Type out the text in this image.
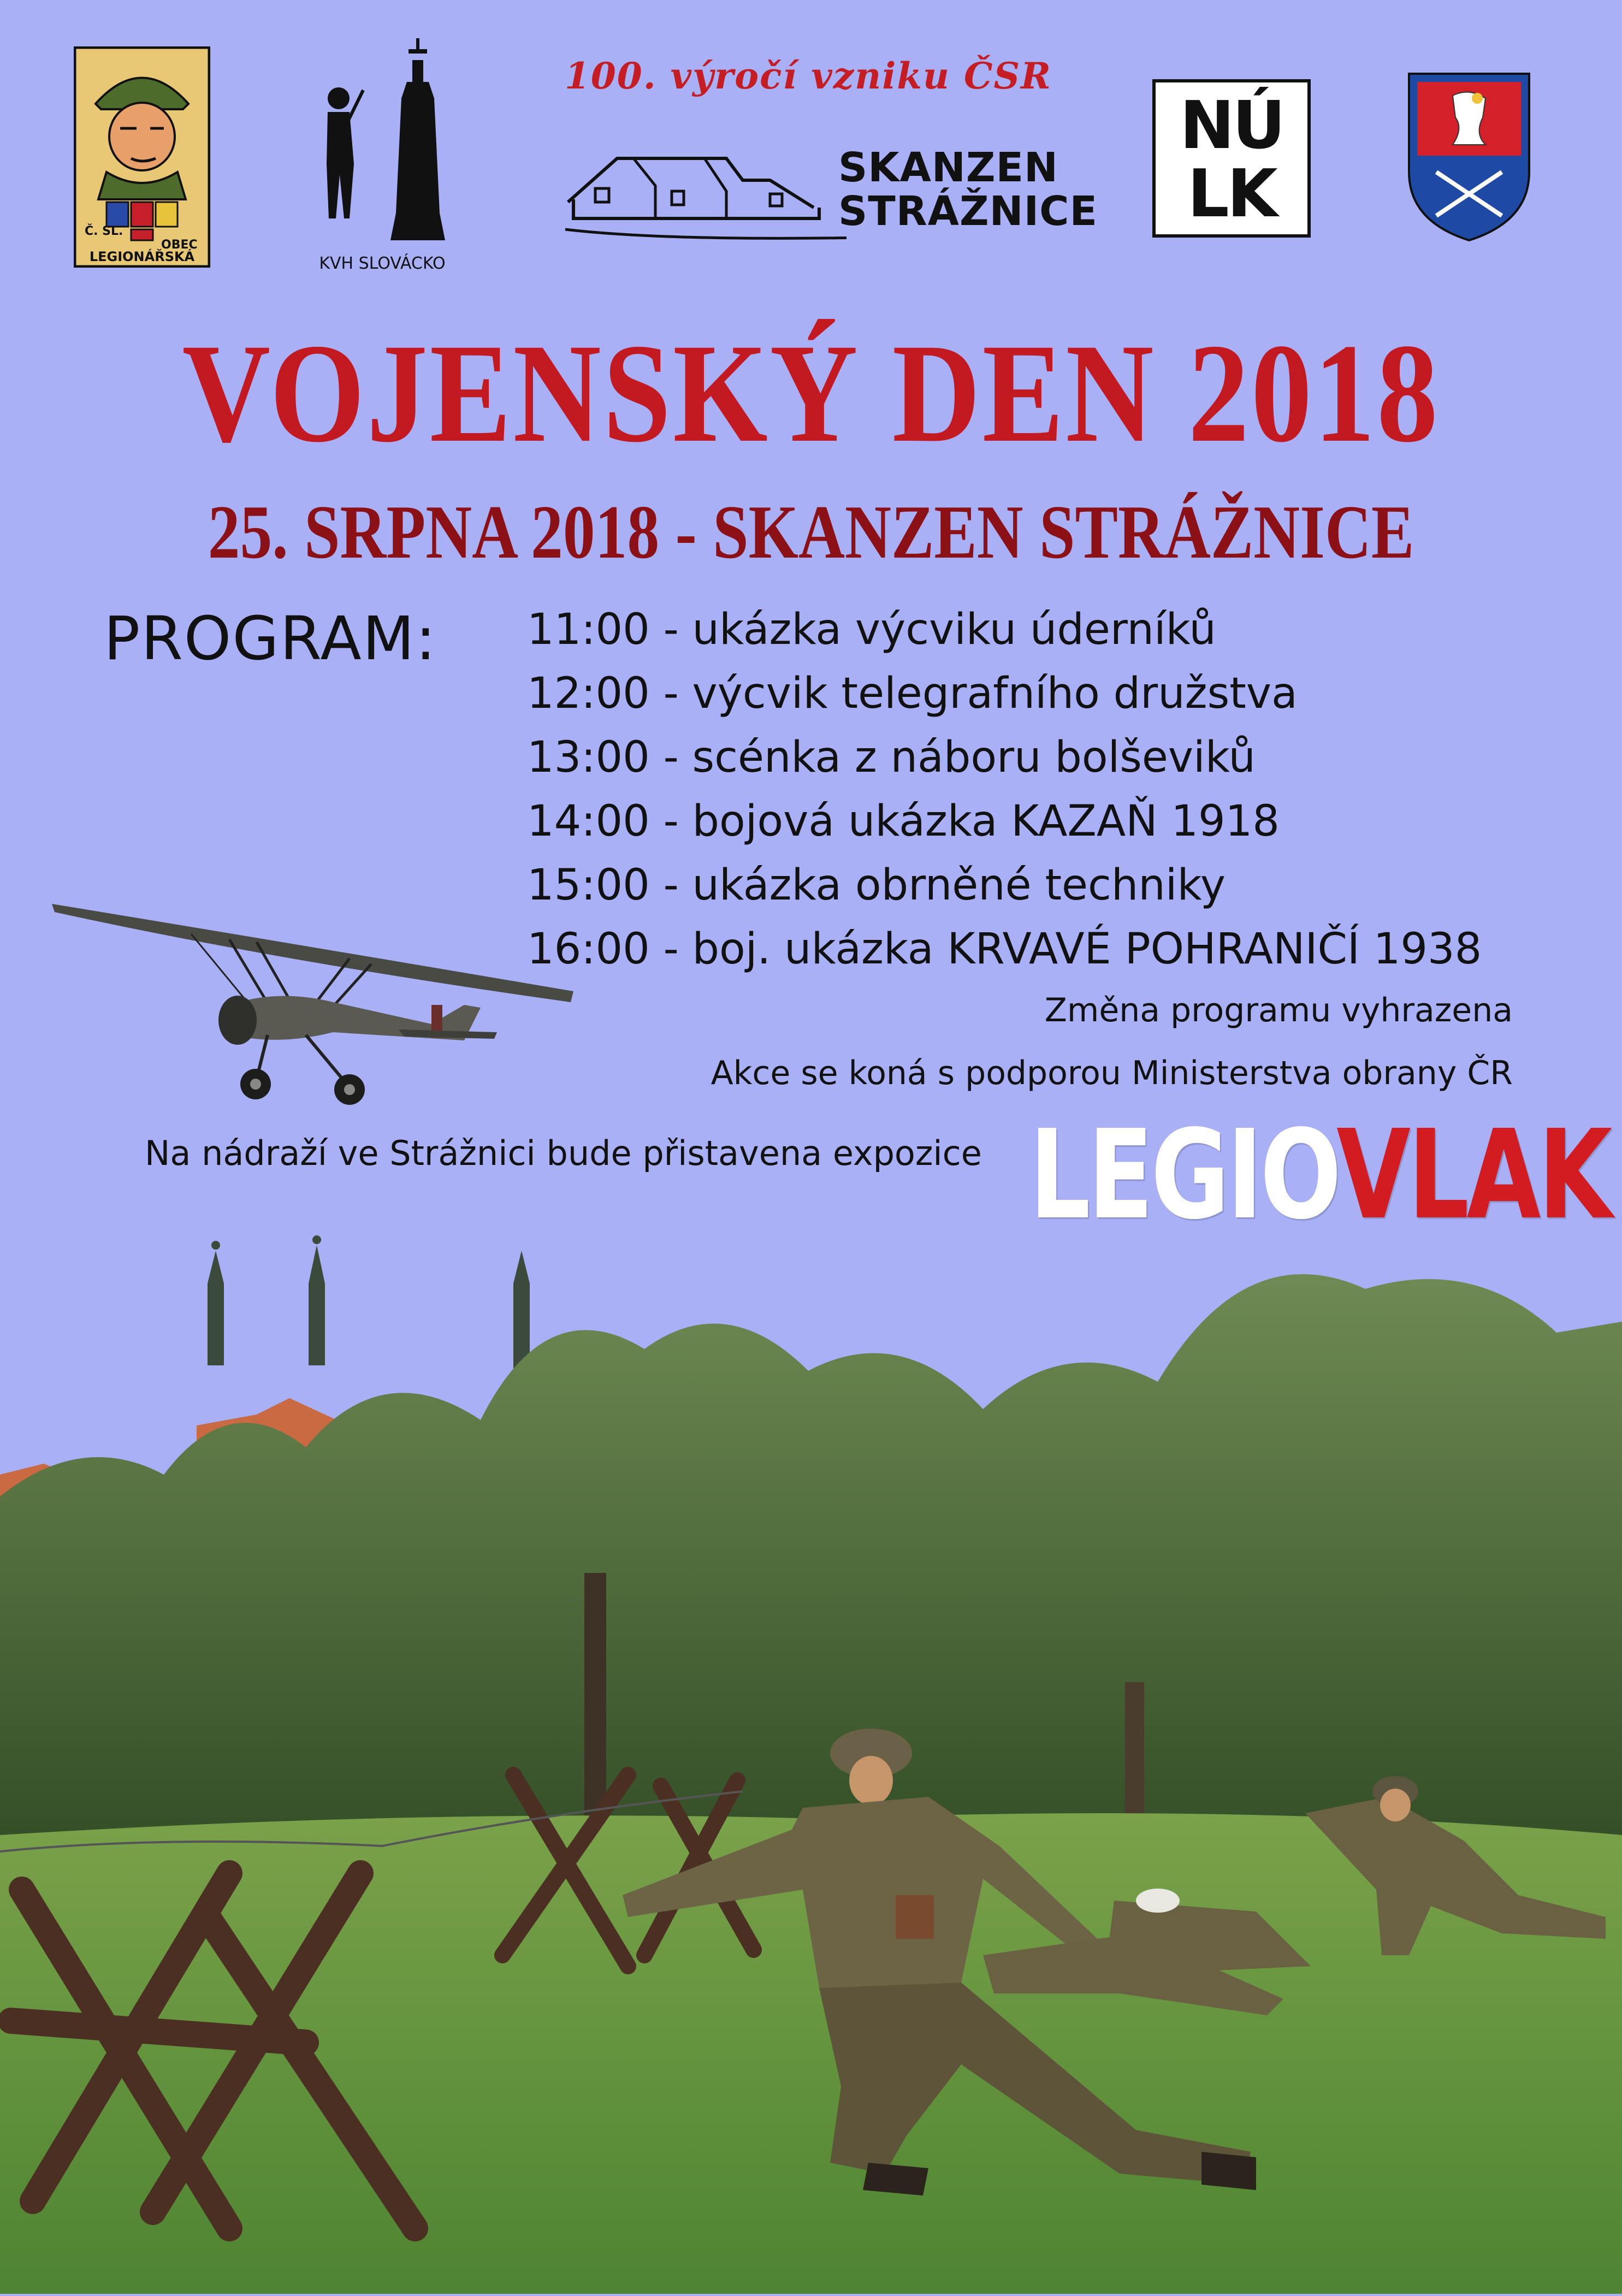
Č. SL.
OBEC
LEGIONÁŘSKÁ	KVH SLOVÁCKO
100. výročí vzniku ČSR
SKANZEN
STRÁŽNICE
NÚ
LK
VOJENSKÝ DEN 2018
25. SRPNA 2018 - SKANZEN STRÁŽNICE
PROGRAM: 11:00 - ukázka výcviku úderníků
12:00 - výcvik telegrafního družstva
13:00 - scénka z náboru bolševiků
14:00 - bojová ukázka KAZAŇ 1918
15:00 - ukázka obrněné techniky
16:00 - boj. ukázka KRVAVÉ POHRANIČÍ 1938
Změna programu vyhrazena
Akce se koná s podporou Ministerstva obrany ČR
Na nádraží ve Strážnici bude přistavena expozice LEGIOVLAK
